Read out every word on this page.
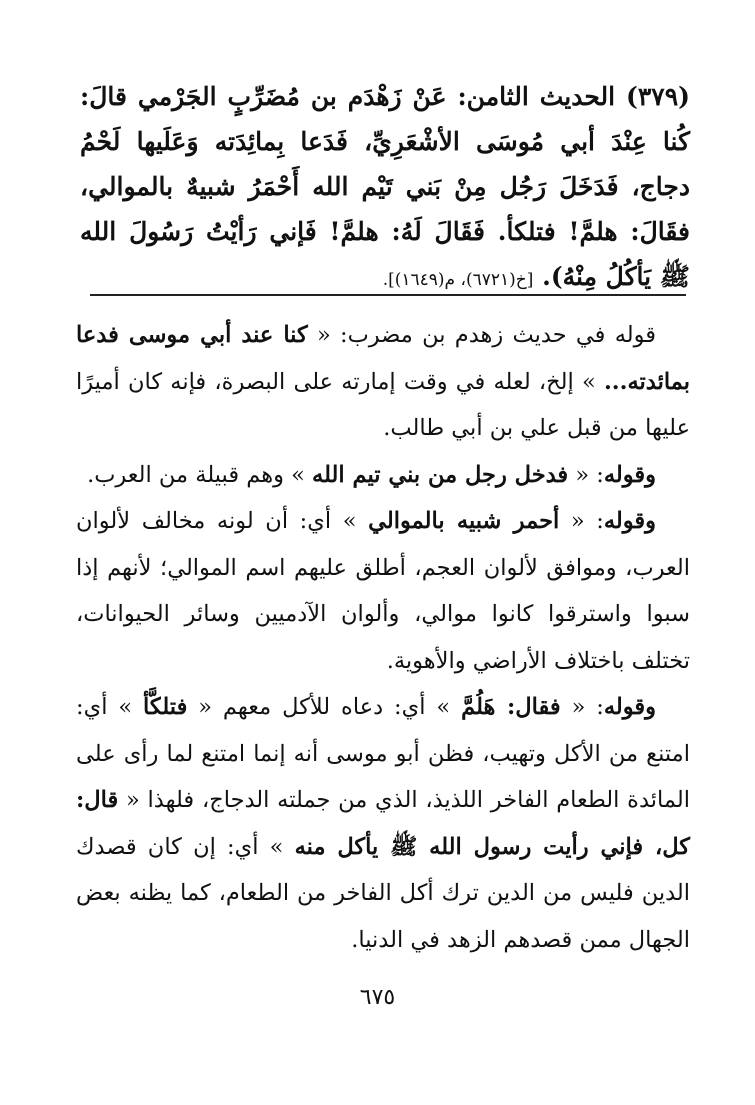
(٣٧٩) الحديث الثامن: عَنْ زَهْدَم بن مُضَرِّبٍ الجَرْمي قالَ: كُنا عِنْدَ أبي مُوسَى الأشْعَرِيِّ، فَدَعا بِمائِدَته وَعَلَيها لَحْمُ دجاج، فَدَخَلَ رَجُل مِنْ بَني تَيْم الله أَحْمَرُ شبيهٌ بالموالي، فقَالَ: هلمَّ! فتلكأ. فَقَالَ لَهُ: هلمَّ! فَإني رَأيْتُ رَسُولَ الله ﷺ يَأكُلُ مِنْهُ). [خ(٦٧٢١)، م(١٦٤٩)].

قوله في حديث زهدم بن مضرب: « كنا عند أبي موسى فدعا بمائدته... » إلخ، لعله في وقت إمارته على البصرة، فإنه كان أميرًا عليها من قبل علي بن أبي طالب.

وقوله: « فدخل رجل من بني تيم الله » وهم قبيلة من العرب.

وقوله: « أحمر شبيه بالموالي » أي: أن لونه مخالف لألوان العرب، وموافق لألوان العجم، أطلق عليهم اسم الموالي؛ لأنهم إذا سبوا واسترقوا كانوا موالي، وألوان الآدميين وسائر الحيوانات، تختلف باختلاف الأراضي والأهوية.

وقوله: « فقال: هَلُمَّ » أي: دعاه للأكل معهم « فتلكَّأ » أي: امتنع من الأكل وتهيب، فظن أبو موسى أنه إنما امتنع لما رأى على المائدة الطعام الفاخر اللذيذ، الذي من جملته الدجاج، فلهذا « قال: كل، فإني رأيت رسول الله ﷺ يأكل منه » أي: إن كان قصدك الدين فليس من الدين ترك أكل الفاخر من الطعام، كما يظنه بعض الجهال ممن قصدهم الزهد في الدنيا.

٦٧٥
